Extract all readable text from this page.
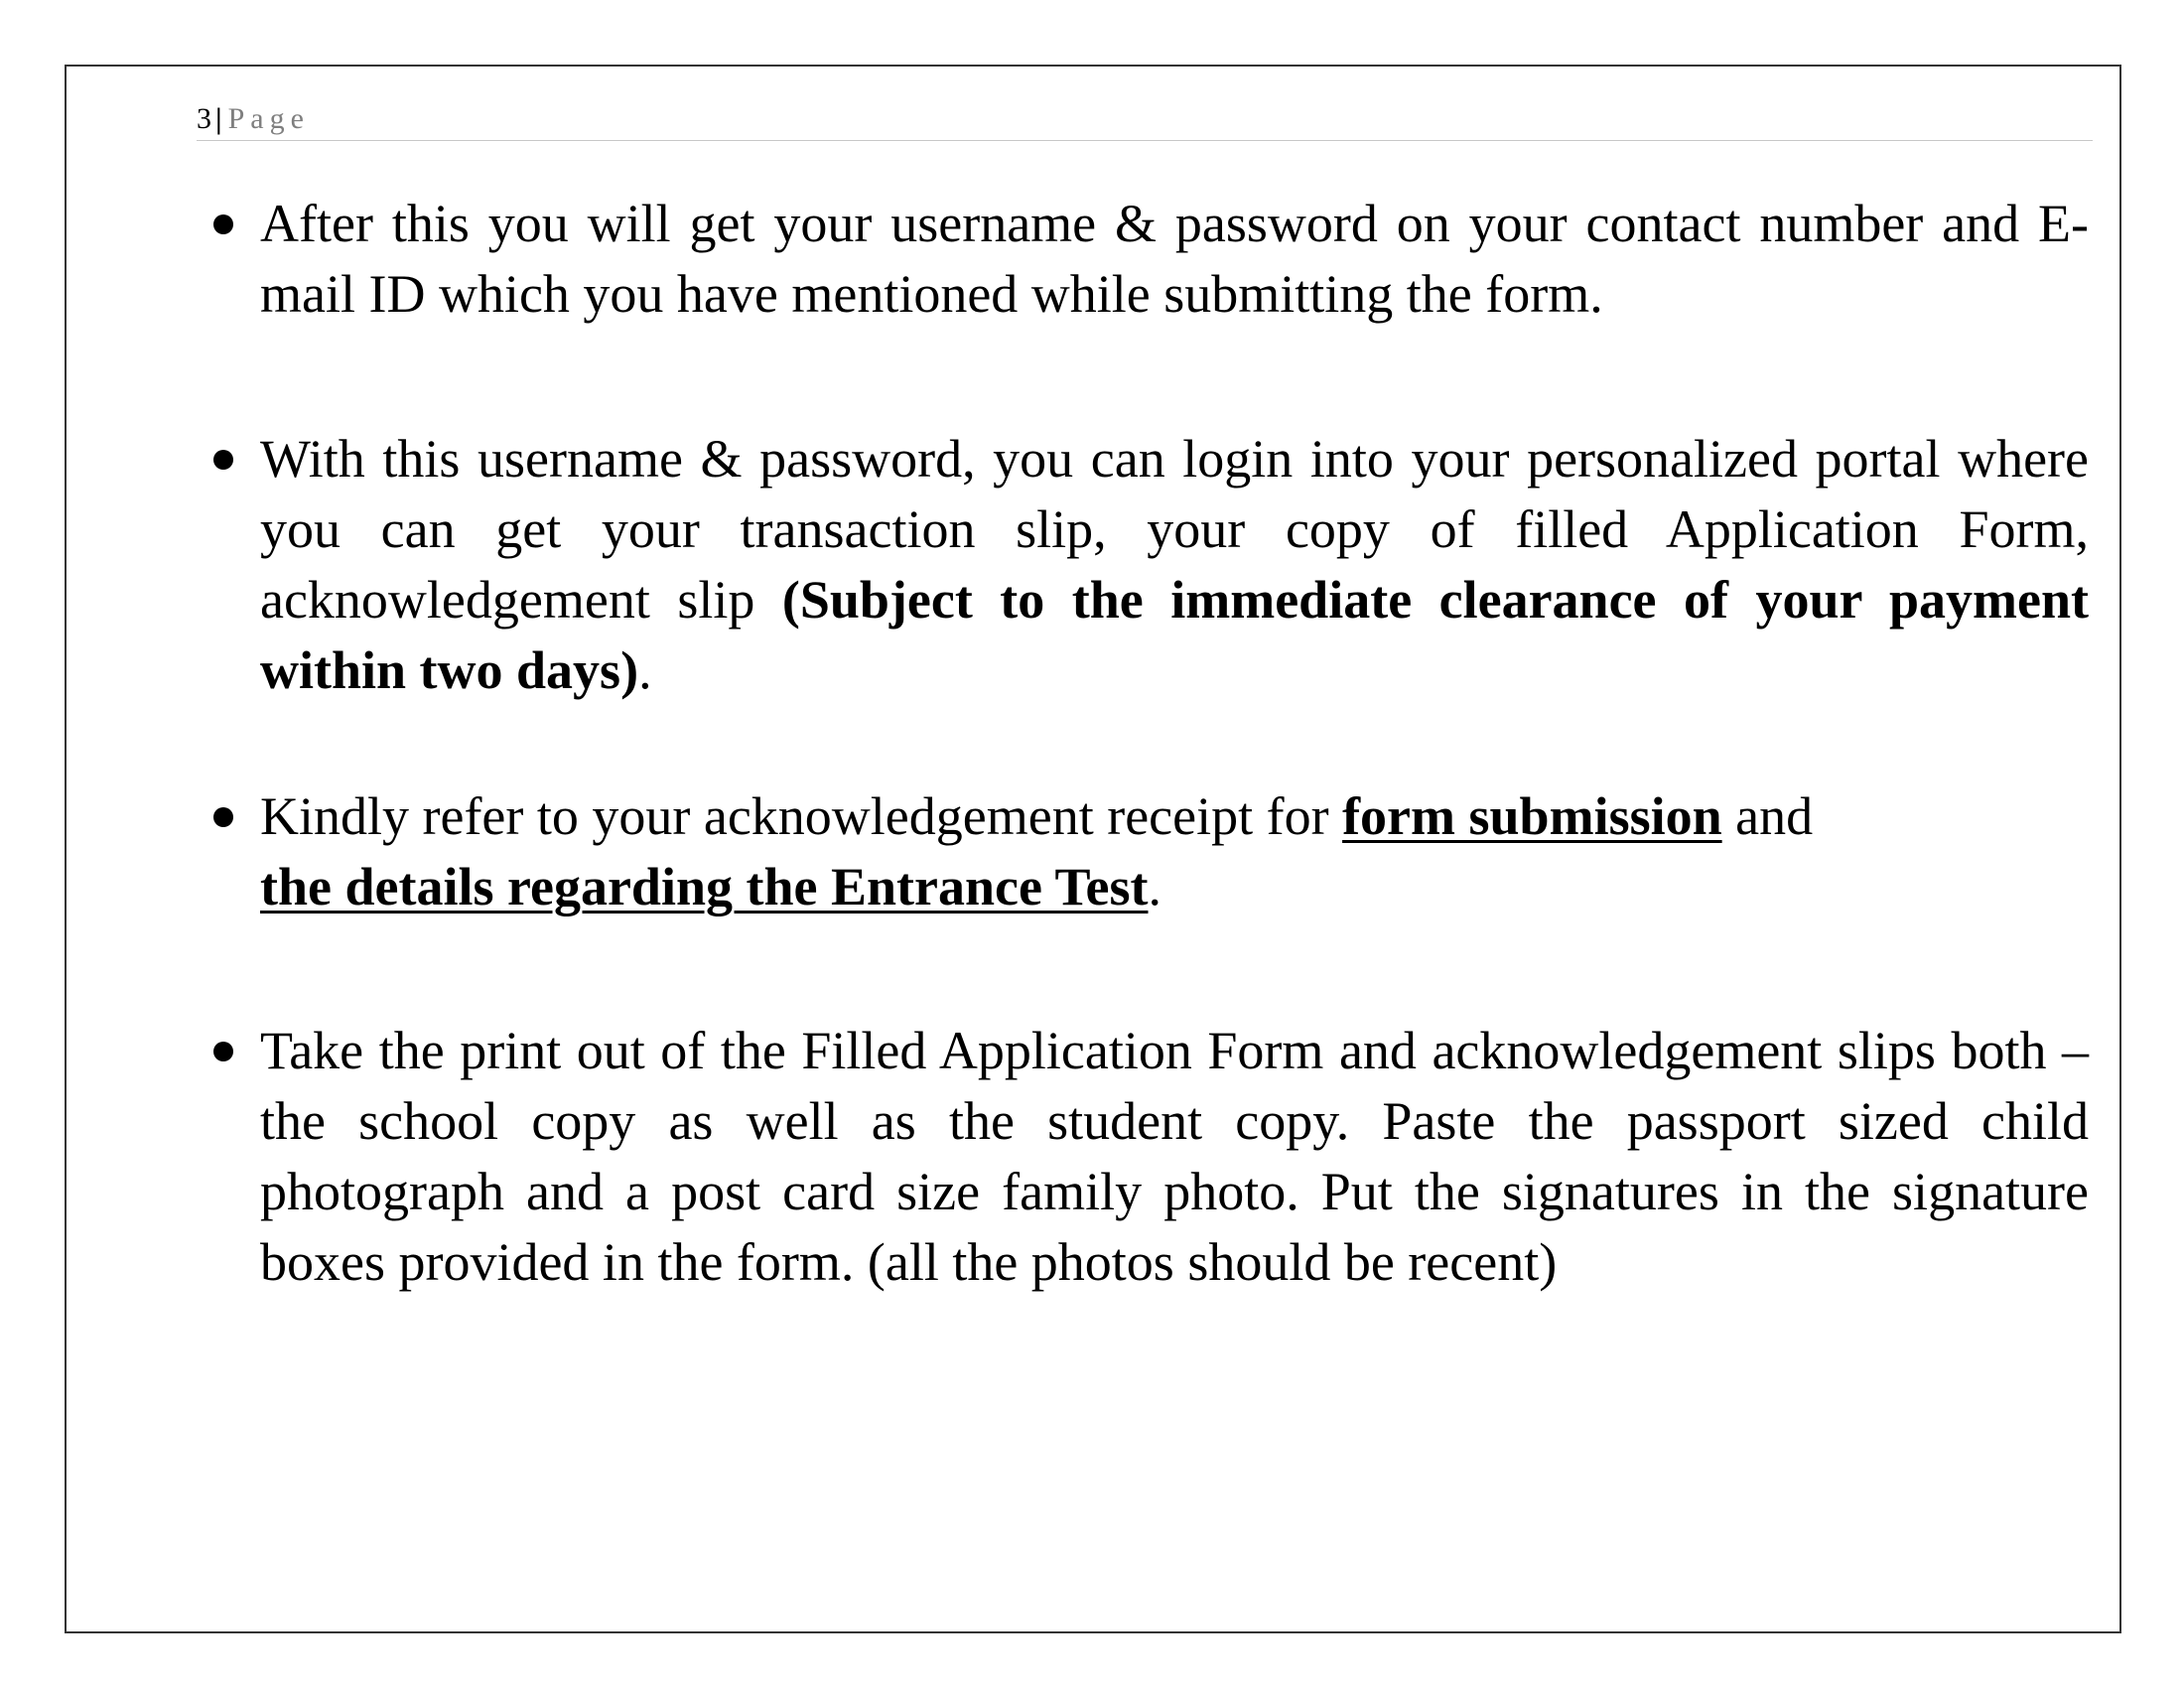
3 | Page
After this you will get your username & password on your contact number and E-mail ID which you have mentioned while submitting the form.
With this username & password, you can login into your personalized portal where you can get your transaction slip, your copy of filled Application Form, acknowledgement slip (Subject to the immediate clearance of your payment within two days).
Kindly refer to your acknowledgement receipt for form submission and
the details regarding the Entrance Test.
Take the print out of the Filled Application Form and acknowledgement slips both – the school copy as well as the student copy. Paste the passport sized child photograph and a post card size family photo. Put the signatures in the signature boxes provided in the form. (all the photos should be recent)
